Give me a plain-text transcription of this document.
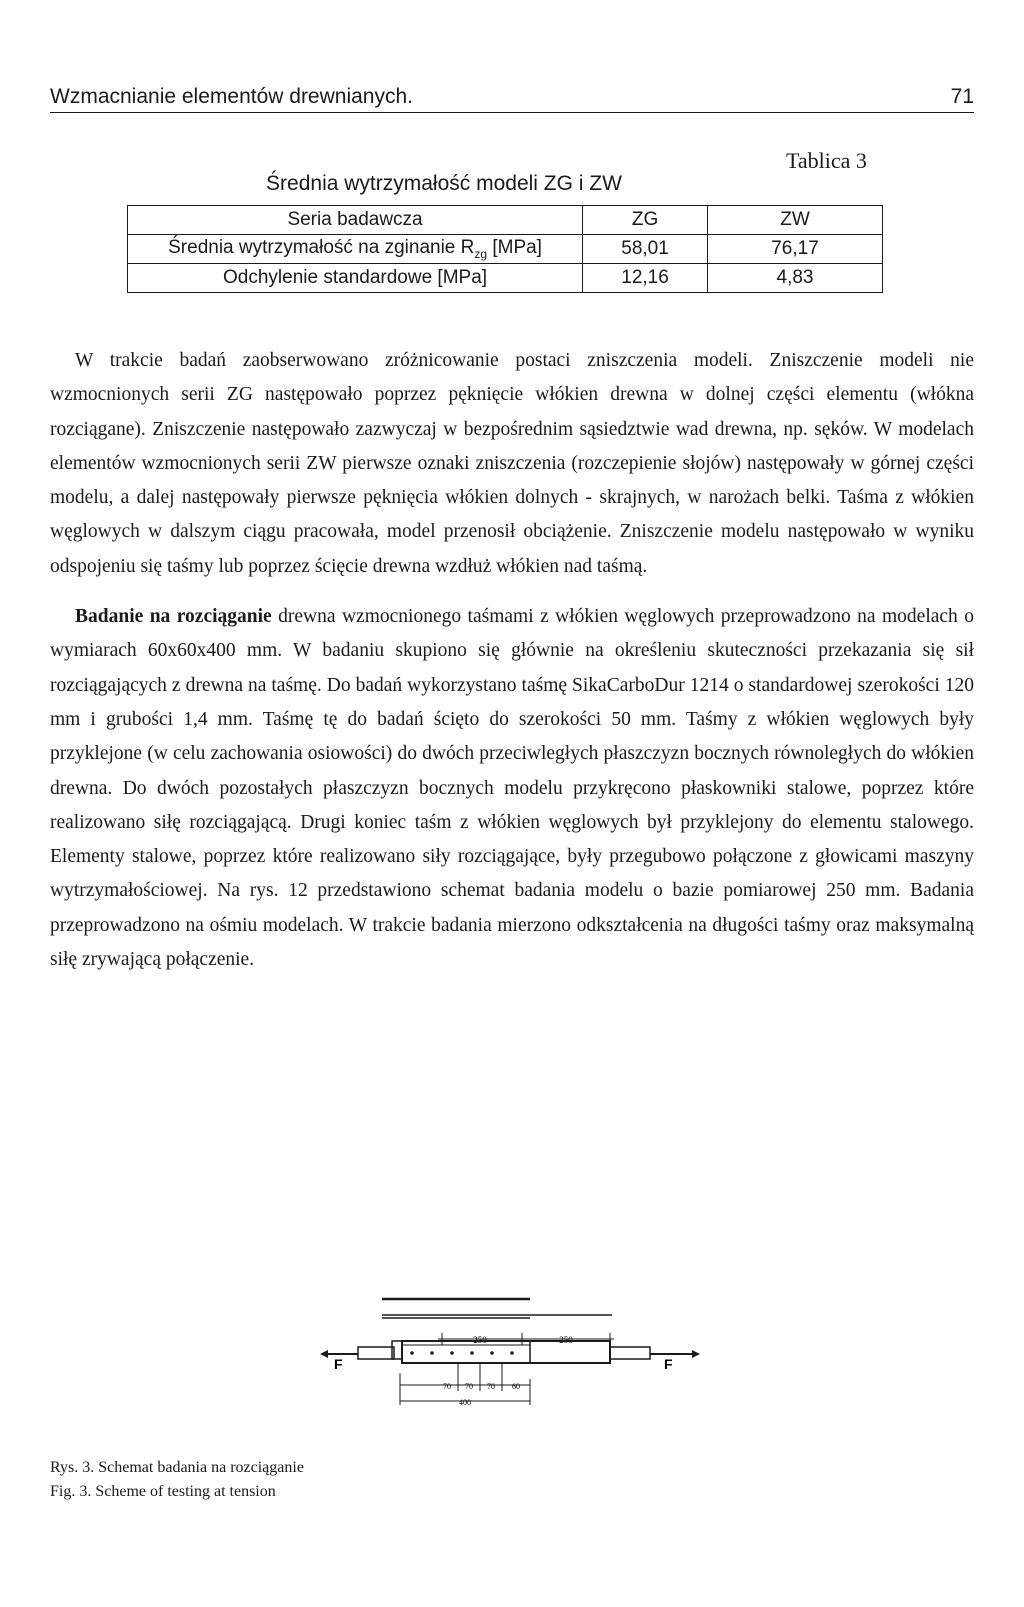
Wzmacnianie elementów drewnianych.	71
Tablica 3
Średnia wytrzymałość modeli ZG i ZW
Seria badawcza	ZG	ZW
Średnia wytrzymałość na zginanie $R_{zg}$ [MPa]	58,01	76,17
Odchylenie standardowe [MPa]	12,16	4,83

W trakcie badań zaobserwowano zróżnicowanie postaci zniszczenia modeli. Zniszczenie modeli nie wzmocnionych serii ZG następowało poprzez pęknięcie włókien drewna w dolnej części elementu (włókna rozciągane). Zniszczenie następowało zazwyczaj w bezpośrednim sąsiedztwie wad drewna, np. sęków. W modelach elementów wzmocnionych serii ZW pierwsze oznaki zniszczenia (rozczepienie słojów) następowały w górnej części modelu, a dalej następowały pierwsze pęknięcia włókien dolnych - skrajnych, w narożach belki. Taśma z włókien węglowych w dalszym ciągu pracowała, model przenosił obciążenie. Zniszczenie modelu następowało w wyniku odspojeniu się taśmy lub poprzez ścięcie drewna wzdłuż włókien nad taśmą.

Badanie na rozciąganie drewna wzmocnionego taśmami z włókien węglowych przeprowadzono na modelach o wymiarach 60x60x400 mm. W badaniu skupiono się głównie na określeniu skuteczności przekazania się sił rozciągających z drewna na taśmę. Do badań wykorzystano taśmę SikaCarboDur 1214 o standardowej szerokości 120 mm i grubości 1,4 mm. Taśmę tę do badań ścięto do szerokości 50 mm. Taśmy z włókien węglowych były przyklejone (w celu zachowania osiowości) do dwóch przeciwległych płaszczyzn bocznych równoległych do włókien drewna. Do dwóch pozostałych płaszczyzn bocznych modelu przykręcono płaskowniki stalowe, poprzez które realizowano siłę rozciągającą. Drugi koniec taśm z włókien węglowych był przyklejony do elementu stalowego. Elementy stalowe, poprzez które realizowano siły rozciągające, były przegubowo połączone z głowicami maszyny wytrzymałościowej. Na rys. 12 przedstawiono schemat badania modelu o bazie pomiarowej 250 mm. Badania przeprowadzono na ośmiu modelach. W trakcie badania mierzono odkształcenia na długości taśmy oraz maksymalną siłę zrywającą połączenie.

250	250
F	F
70 70 70 60
400
Rys. 3. Schemat badania na rozciąganie
Fig. 3. Scheme of testing at tension
